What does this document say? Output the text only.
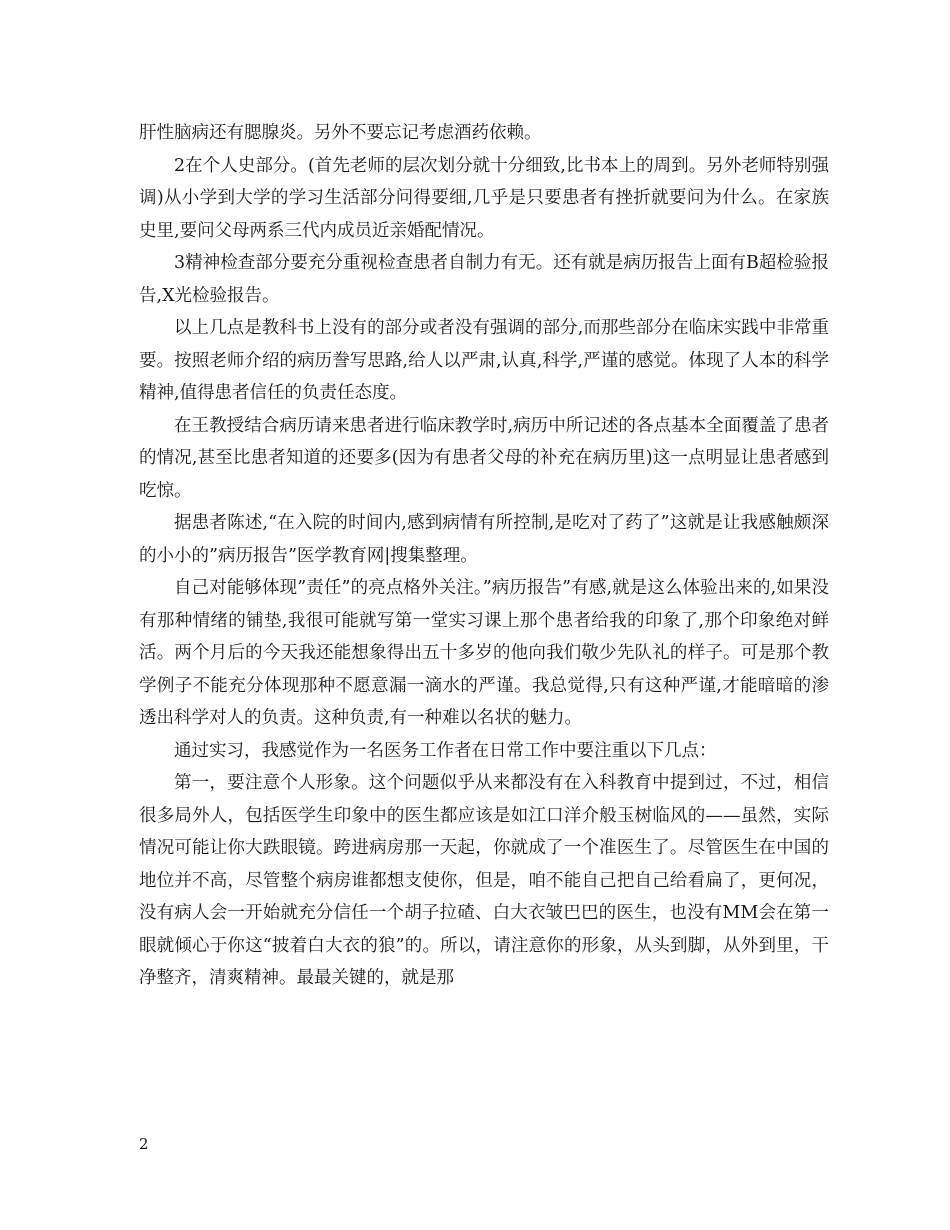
肝性脑病还有腮腺炎。另外不要忘记考虑酒药依赖。

2在个人史部分。(首先老师的层次划分就十分细致,比书本上的周到。另外老师特别强调)从小学到大学的学习生活部分问得要细,几乎是只要患者有挫折就要问为什么。在家族史里,要问父母两系三代内成员近亲婚配情况。

3精神检查部分要充分重视检查患者自制力有无。还有就是病历报告上面有B超检验报告,X光检验报告。

以上几点是教科书上没有的部分或者没有强调的部分,而那些部分在临床实践中非常重要。按照老师介绍的病历誊写思路,给人以严肃,认真,科学,严谨的感觉。体现了人本的科学精神,值得患者信任的负责任态度。

在王教授结合病历请来患者进行临床教学时,病历中所记述的各点基本全面覆盖了患者的情况,甚至比患者知道的还要多(因为有患者父母的补充在病历里)这一点明显让患者感到吃惊。

据患者陈述,“在入院的时间内,感到病情有所控制,是吃对了药了”这就是让我感触颇深的小小的”病历报告”医学教育网|搜集整理。

自己对能够体现”责任”的亮点格外关注。”病历报告”有感,就是这么体验出来的,如果没有那种情绪的铺垫,我很可能就写第一堂实习课上那个患者给我的印象了,那个印象绝对鲜活。两个月后的今天我还能想象得出五十多岁的他向我们敬少先队礼的样子。可是那个教学例子不能充分体现那种不愿意漏一滴水的严谨。我总觉得,只有这种严谨,才能暗暗的渗透出科学对人的负责。这种负责,有一种难以名状的魅力。

通过实习，我感觉作为一名医务工作者在日常工作中要注重以下几点：

第一，要注意个人形象。这个问题似乎从来都没有在入科教育中提到过，不过，相信很多局外人，包括医学生印象中的医生都应该是如江口洋介般玉树临风的——虽然，实际情况可能让你大跌眼镜。跨进病房那一天起，你就成了一个准医生了。尽管医生在中国的地位并不高，尽管整个病房谁都想支使你，但是，咱不能自己把自己给看扁了，更何况，没有病人会一开始就充分信任一个胡子拉碴、白大衣皱巴巴的医生，也没有MM会在第一眼就倾心于你这“披着白大衣的狼”的。所以，请注意你的形象，从头到脚，从外到里，干净整齐，清爽精神。最最关键的，就是那

2
